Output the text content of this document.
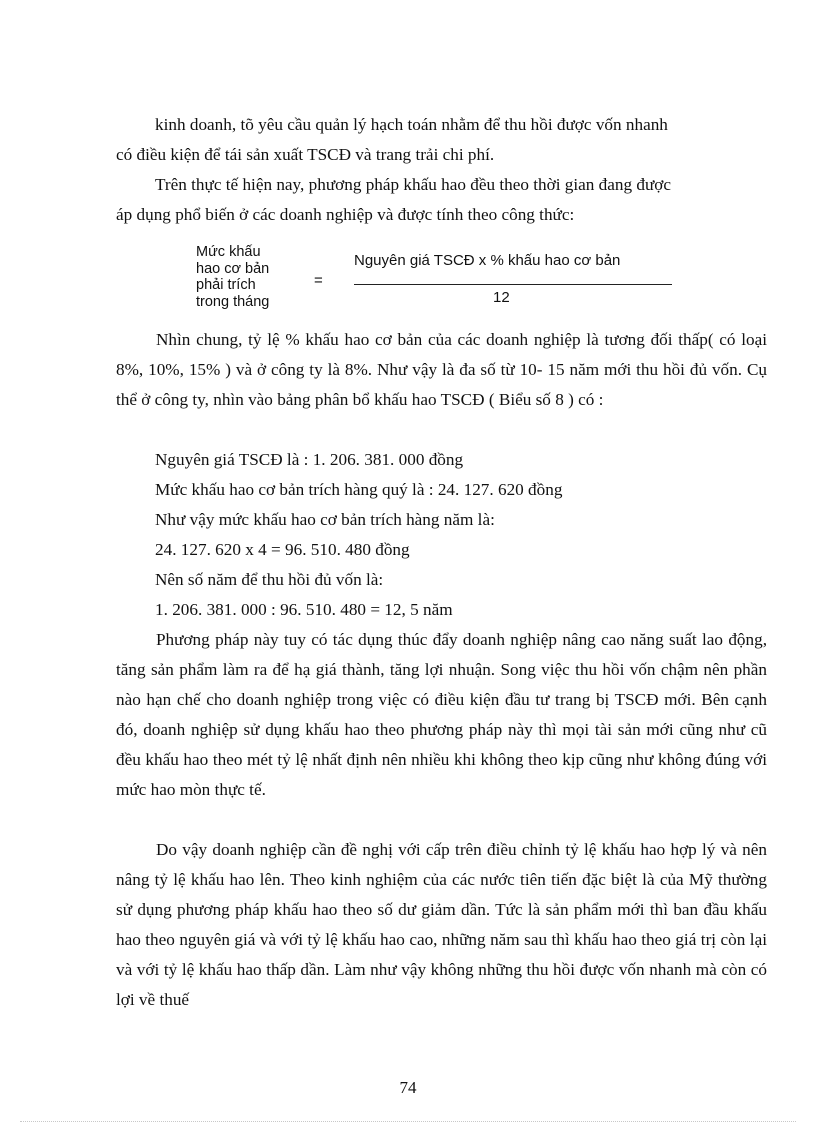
kinh doanh, tõ yêu cầu quản lý hạch toán nhằm để thu hồi được vốn nhanh

có điều kiện để tái sản xuất TSCĐ và trang trải chi phí.

Trên thực tế hiện nay, phương pháp khấu hao đều theo thời gian đang được

áp dụng phổ biến ở các doanh nghiệp và được tính theo công thức:

Mức khấu
hao cơ bản
phải trích
trong tháng
=
Nguyên giá TSCĐ x % khấu hao cơ bản
12

Nhìn chung, tỷ lệ % khấu hao cơ bản của các doanh nghiệp là tương đối thấp( có loại 8%, 10%, 15% ) và ở công ty là 8%. Như vậy là đa số từ 10- 15 năm mới thu hồi đủ vốn. Cụ thể ở công ty, nhìn vào bảng phân bổ khấu hao TSCĐ ( Biểu số 8 ) có :

Nguyên giá TSCĐ là : 1. 206. 381. 000 đồng

Mức khấu hao cơ bản trích hàng quý là : 24. 127. 620 đồng

Như vậy mức khấu hao cơ bản trích hàng năm là:

24. 127. 620 x 4 = 96. 510. 480 đồng

Nên số năm để thu hồi đủ vốn là:

1. 206. 381. 000 : 96. 510. 480 = 12, 5 năm

Phương pháp này tuy có tác dụng thúc đẩy doanh nghiệp nâng cao năng suất lao động, tăng sản phẩm làm ra để hạ giá thành, tăng lợi nhuận. Song việc thu hồi vốn chậm nên phần nào hạn chế cho doanh nghiệp trong việc có điều kiện đầu tư trang bị TSCĐ mới. Bên cạnh đó, doanh nghiệp sử dụng khấu hao theo phương pháp này thì mọi tài sản mới cũng như cũ đều khấu hao theo mét tỷ lệ nhất định nên nhiều khi không theo kịp cũng như không đúng với mức hao mòn thực tế.

Do vậy doanh nghiệp cần đề nghị với cấp trên điều chỉnh tỷ lệ khấu hao hợp lý và nên nâng tỷ lệ khấu hao lên. Theo kinh nghiệm của các nước tiên tiến đặc biệt là của Mỹ thường sử dụng phương pháp khấu hao theo số dư giảm dần. Tức là sản phẩm mới thì ban đầu khấu hao theo nguyên giá và với tỷ lệ khấu hao cao, những năm sau thì khấu hao theo giá trị còn lại và với tỷ lệ khấu hao thấp dần. Làm như vậy không những thu hồi được vốn nhanh mà còn có lợi về thuế

74
